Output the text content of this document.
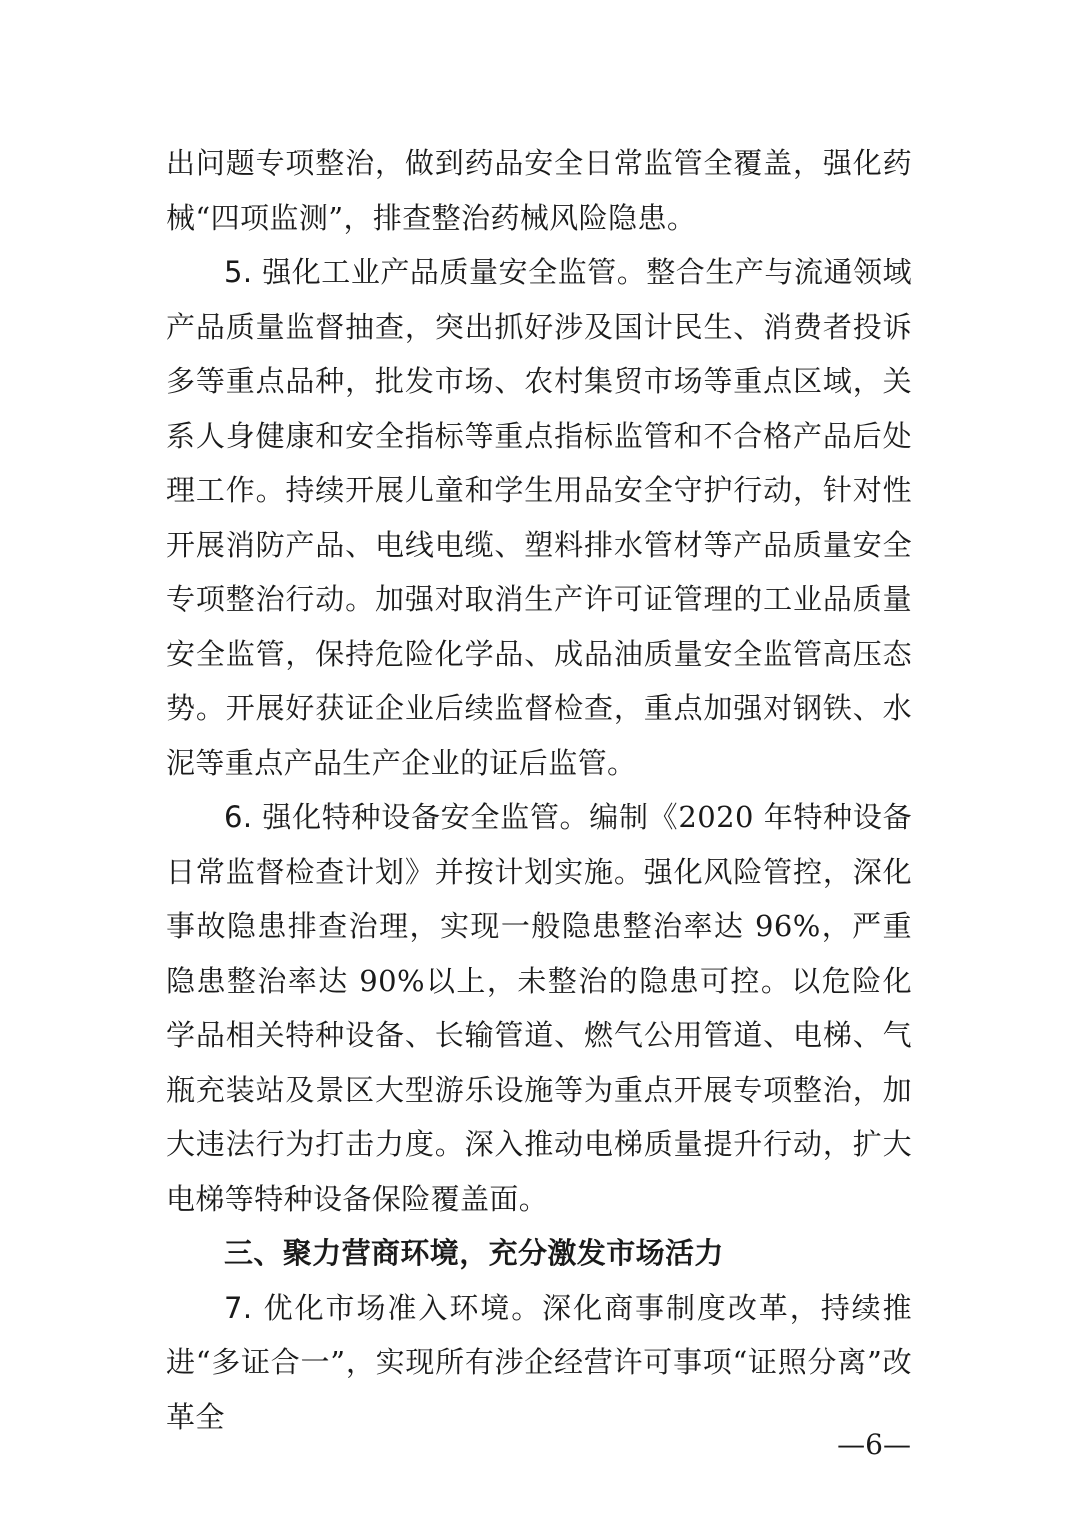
出问题专项整治，做到药品安全日常监管全覆盖，强化药械“四项监测”，排查整治药械风险隐患。

5. 强化工业产品质量安全监管。整合生产与流通领域产品质量监督抽查，突出抓好涉及国计民生、消费者投诉多等重点品种，批发市场、农村集贸市场等重点区域，关系人身健康和安全指标等重点指标监管和不合格产品后处理工作。持续开展儿童和学生用品安全守护行动，针对性开展消防产品、电线电缆、塑料排水管材等产品质量安全专项整治行动。加强对取消生产许可证管理的工业品质量安全监管，保持危险化学品、成品油质量安全监管高压态势。开展好获证企业后续监督检查，重点加强对钢铁、水泥等重点产品生产企业的证后监管。

6. 强化特种设备安全监管。编制《2020 年特种设备日常监督检查计划》并按计划实施。强化风险管控，深化事故隐患排查治理，实现一般隐患整治率达 96%，严重隐患整治率达 90%以上，未整治的隐患可控。以危险化学品相关特种设备、长输管道、燃气公用管道、电梯、气瓶充装站及景区大型游乐设施等为重点开展专项整治，加大违法行为打击力度。深入推动电梯质量提升行动，扩大电梯等特种设备保险覆盖面。

三、聚力营商环境，充分激发市场活力

7. 优化市场准入环境。深化商事制度改革，持续推进“多证合一”，实现所有涉企经营许可事项“证照分离”改革全

—6—
